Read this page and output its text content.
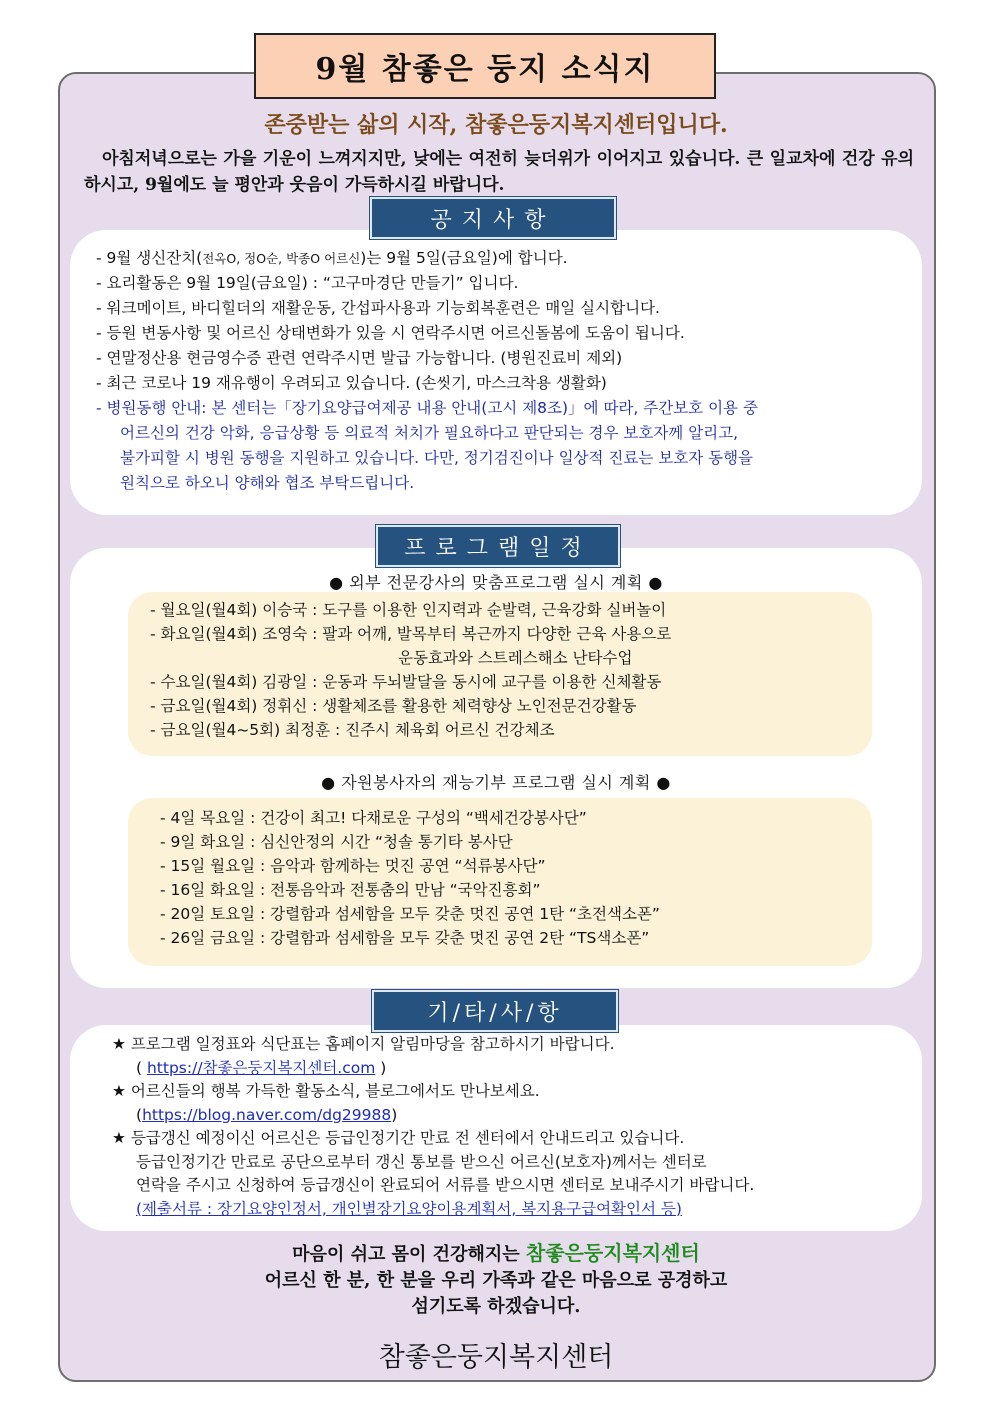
9월 참좋은 둥지 소식지
존중받는 삶의 시작, 참좋은둥지복지센터입니다.
아침저녁으로는 가을 기운이 느껴지지만, 낮에는 여전히 늦더위가 이어지고 있습니다. 큰 일교차에 건강 유의하시고, 9월에도 늘 평안과 웃음이 가득하시길 바랍니다.
공지사항
- 9월 생신잔치(전옥O, 정O순, 박종O 어르신)는 9월 5일(금요일)에 합니다.
- 요리활동은 9월 19일(금요일) : “고구마경단 만들기” 입니다.
- 워크메이트, 바디힐더의 재활운동, 간섭파사용과 기능회복훈련은 매일 실시합니다.
- 등원 변동사항 및 어르신 상태변화가 있을 시 연락주시면 어르신돌봄에 도움이 됩니다.
- 연말정산용 현금영수증 관련 연락주시면 발급 가능합니다. (병원진료비 제외)
- 최근 코로나 19 재유행이 우려되고 있습니다. (손씻기, 마스크착용 생활화)
- 병원동행 안내: 본 센터는「장기요양급여제공 내용 안내(고시 제8조)」에 따라, 주간보호 이용 중
어르신의 건강 악화, 응급상황 등 의료적 처치가 필요하다고 판단되는 경우 보호자께 알리고,
불가피할 시 병원 동행을 지원하고 있습니다. 다만, 정기검진이나 일상적 진료는 보호자 동행을
원칙으로 하오니 양해와 협조 부탁드립니다.
프로그램일정
● 외부 전문강사의 맞춤프로그램 실시 계획 ●
- 월요일(월4회) 이승국 : 도구를 이용한 인지력과 순발력, 근육강화 실버놀이
- 화요일(월4회) 조영숙 : 팔과 어깨, 발목부터 복근까지 다양한 근육 사용으로
운동효과와 스트레스해소 난타수업
- 수요일(월4회) 김광일 : 운동과 두뇌발달을 동시에 교구를 이용한 신체활동
- 금요일(월4회) 정휘신 : 생활체조를 활용한 체력향상 노인전문건강활동
- 금요일(월4~5회) 최정훈 : 진주시 체육회 어르신 건강체조
● 자원봉사자의 재능기부 프로그램 실시 계획 ●
- 4일 목요일 : 건강이 최고! 다채로운 구성의 “백세건강봉사단”
- 9일 화요일 : 심신안정의 시간 “청솔 통기타 봉사단
- 15일 월요일 : 음악과 함께하는 멋진 공연 “석류봉사단”
- 16일 화요일 : 전통음악과 전통춤의 만남 “국악진흥회”
- 20일 토요일 : 강렬함과 섬세함을 모두 갖춘 멋진 공연 1탄 “초전색소폰”
- 26일 금요일 : 강렬함과 섬세함을 모두 갖춘 멋진 공연 2탄 “TS색소폰”
기/타/사/항
★ 프로그램 일정표와 식단표는 홈페이지 알림마당을 참고하시기 바랍니다.
( https://참좋은둥지복지센터.com )
★ 어르신들의 행복 가득한 활동소식, 블로그에서도 만나보세요.
(https://blog.naver.com/dg29988)
★ 등급갱신 예정이신 어르신은 등급인정기간 만료 전 센터에서 안내드리고 있습니다.
등급인정기간 만료로 공단으로부터 갱신 통보를 받으신 어르신(보호자)께서는 센터로
연락을 주시고 신청하여 등급갱신이 완료되어 서류를 받으시면 센터로 보내주시기 바랍니다.
(제출서류 : 장기요양인정서, 개인별장기요양이용계획서, 복지용구급여확인서 등)
마음이 쉬고 몸이 건강해지는 참좋은둥지복지센터
어르신 한 분, 한 분을 우리 가족과 같은 마음으로 공경하고
섬기도록 하겠습니다.
참좋은둥지복지센터
